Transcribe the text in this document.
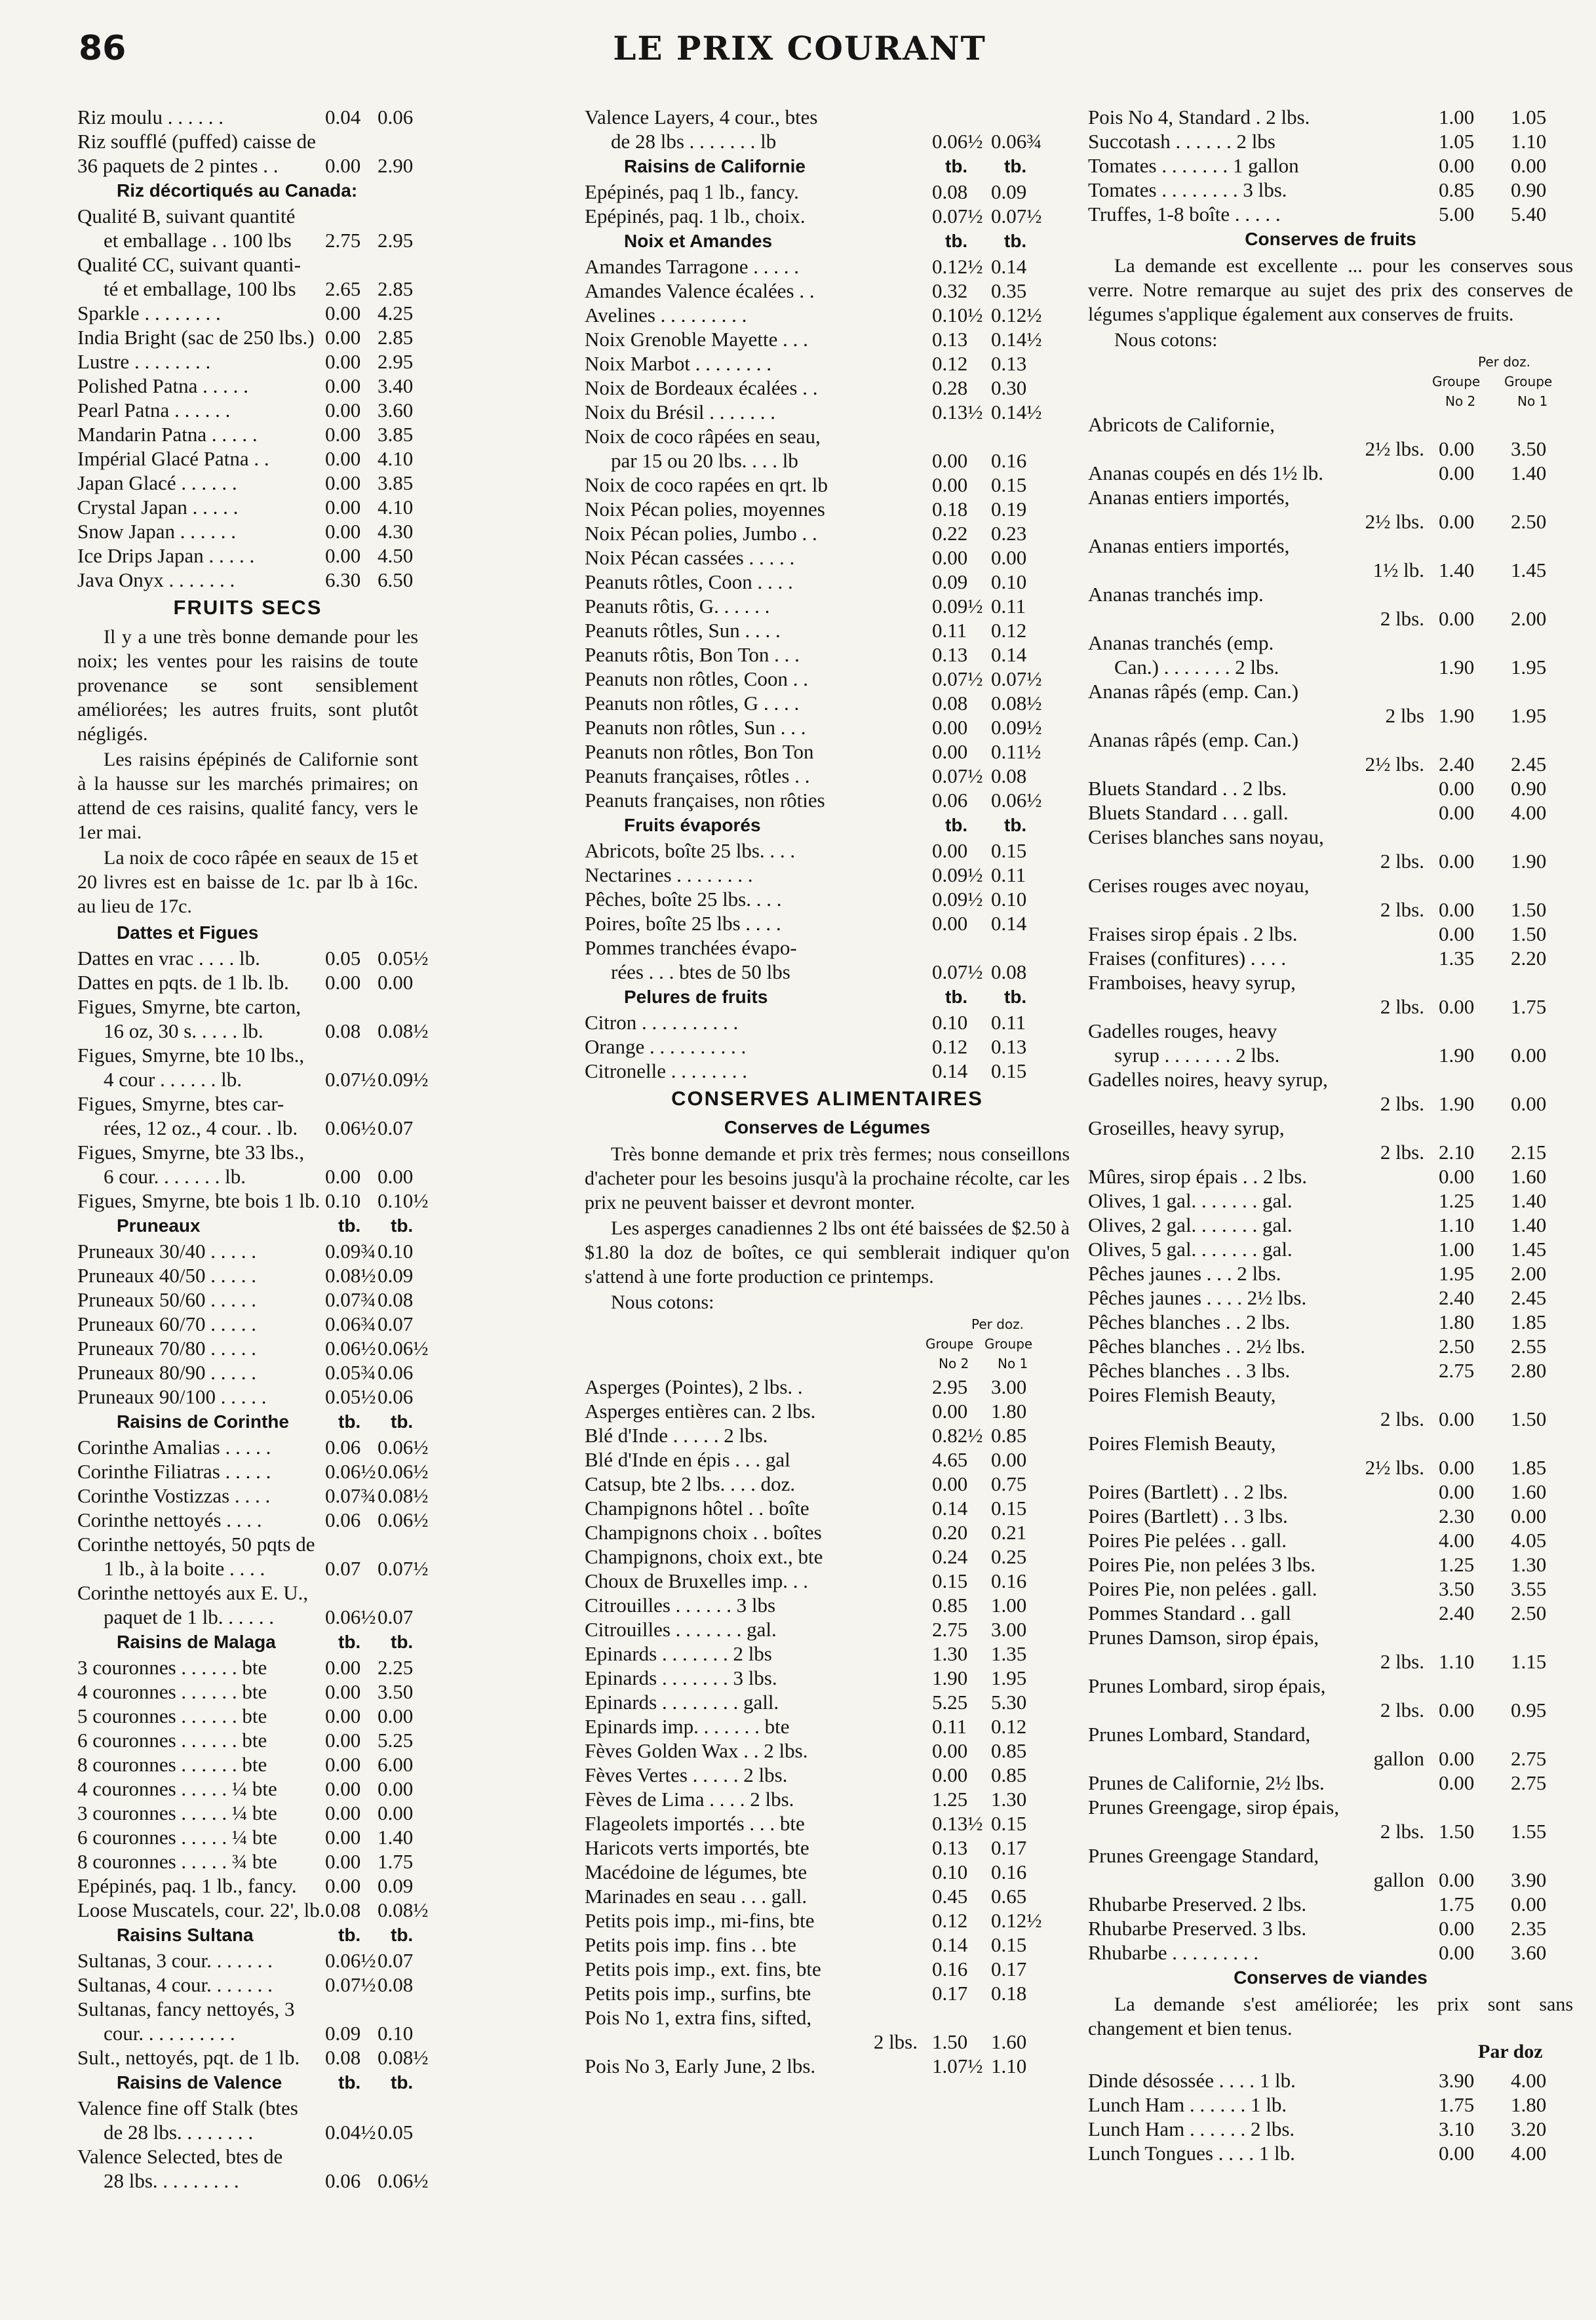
86	LE PRIX COURANT
Riz moulu . . . . . .	0.04 0.06
Riz soufflé (puffed) caisse de
36 paquets de 2 pintes . . 0.00 2.90
Riz décortiqués au Canada:
Qualité B, suivant quantité
et emballage . . 100 lbs 2.75 2.95
Qualité CC, suivant quanti-
té et emballage, 100 lbs 2.65 2.85
Sparkle . . . . . . . .	0.00 4.25
India Bright (sac de 250 lbs.) 0.00 2.85
Lustre . . . . . . . .	0.00 2.95
Polished Patna . . . . .	0.00 3.40
Pearl Patna . . . . . .	0.00 3.60
Mandarin Patna . . . . .	0.00 3.85
Impérial Glacé Patna . .	0.00 4.10
Japan Glacé . . . . . .	0.00 3.85
Crystal Japan . . . . .	0.00 4.10
Snow Japan . . . . . .	0.00 4.30
Ice Drips Japan . . . . .	0.00 4.50
Java Onyx . . . . . . .	6.30 6.50
FRUITS SECS
Il y a une très bonne demande pour les noix; les ventes pour les raisins de toute provenance se sont sensiblement améliorées; les autres fruits, sont plutôt négligés.
Les raisins épépinés de Californie sont à la hausse sur les marchés primaires; on attend de ces raisins, qualité fancy, vers le 1er mai.
La noix de coco râpée en seaux de 15 et 20 livres est en baisse de 1c. par lb à 16c. au lieu de 17c.
Dattes et Figues
Dattes en vrac . . . . lb.	0.05 0.05½
Dattes en pqts. de 1 lb. lb. 0.00 0.00
Figues, Smyrne, bte carton,
16 oz, 30 s. . . . . lb.	0.08 0.08½
Figues, Smyrne, bte 10 lbs.,
4 cour . . . . . . lb.	0.07½ 0.09½
Figues, Smyrne, btes car-
rées, 12 oz., 4 cour. . lb. 0.06½ 0.07
Figues, Smyrne, bte 33 lbs.,
6 cour. . . . . . . lb.	0.00 0.00
Figues, Smyrne, bte bois 1 lb. 0.10 0.10½
Pruneaux	tb. tb.
Pruneaux 30/40 . . . . .	0.09¾ 0.10
Pruneaux 40/50 . . . . .	0.08½ 0.09
Pruneaux 50/60 . . . . .	0.07¾ 0.08
Pruneaux 60/70 . . . . .	0.06¾ 0.07
Pruneaux 70/80 . . . . .	0.06½ 0.06½
Pruneaux 80/90 . . . . .	0.05¾ 0.06
Pruneaux 90/100 . . . . .	0.05½ 0.06
Raisins de Corinthe	tb. tb.
Corinthe Amalias . . . . .	0.06 0.06½
Corinthe Filiatras . . . . .	0.06½ 0.06½
Corinthe Vostizzas . . . .	0.07¾ 0.08½
Corinthe nettoyés . . . .	0.06 0.06½
Corinthe nettoyés, 50 pqts de
1 lb., à la boite . . . .	0.07 0.07½
Corinthe nettoyés aux E. U.,
paquet de 1 lb. . . . . .	0.06½ 0.07
Raisins de Malaga	tb. tb.
3 couronnes . . . . . . bte	0.00 2.25
4 couronnes . . . . . . bte	0.00 3.50
5 couronnes . . . . . . bte	0.00 0.00
6 couronnes . . . . . . bte	0.00 5.25
8 couronnes . . . . . . bte	0.00 6.00
4 couronnes . . . . . ¼ bte 0.00 0.00
3 couronnes . . . . . ¼ bte 0.00 0.00
6 couronnes . . . . . ¼ bte 0.00 1.40
8 couronnes . . . . . ¾ bte 0.00 1.75
Epépinés, paq. 1 lb., fancy. 0.00 0.09
Loose Muscatels, cour. 22', lb. 0.08 0.08½
Raisins Sultana	tb. tb.
Sultanas, 3 cour. . . . . . .	0.06½ 0.07
Sultanas, 4 cour. . . . . . .	0.07½ 0.08
Sultanas, fancy nettoyés, 3
cour. . . . . . . . . .	0.09 0.10
Sult., nettoyés, pqt. de 1 lb. 0.08 0.08½
Raisins de Valence	tb. tb.
Valence fine off Stalk (btes
de 28 lbs. . . . . . . .	0.04½ 0.05
Valence Selected, btes de
28 lbs. . . . . . . . .	0.06 0.06½
Valence Layers, 4 cour., btes
de 28 lbs . . . . . . . lb	0.06½ 0.06¾
Raisins de Californie	tb. tb.
Epépinés, paq 1 lb., fancy.	0.08 0.09
Epépinés, paq. 1 lb., choix.	0.07½ 0.07½
Noix et Amandes	tb. tb.
Amandes Tarragone . . . . .	0.12½ 0.14
Amandes Valence écalées . .	0.32 0.35
Avelines . . . . . . . . .	0.10½ 0.12½
Noix Grenoble Mayette . . .	0.13 0.14½
Noix Marbot . . . . . . . .	0.12 0.13
Noix de Bordeaux écalées . .	0.28 0.30
Noix du Brésil . . . . . . .	0.13½ 0.14½
Noix de coco râpées en seau,
par 15 ou 20 lbs. . . . lb	0.00 0.16
Noix de coco rapées en qrt. lb	0.00 0.15
Noix Pécan polies, moyennes	0.18 0.19
Noix Pécan polies, Jumbo . .	0.22 0.23
Noix Pécan cassées . . . . .	0.00 0.00
Peanuts rôtles, Coon . . . .	0.09 0.10
Peanuts rôtis, G. . . . . .	0.09½ 0.11
Peanuts rôtles, Sun . . . .	0.11 0.12
Peanuts rôtis, Bon Ton . . .	0.13 0.14
Peanuts non rôtles, Coon . .	0.07½ 0.07½
Peanuts non rôtles, G . . . .	0.08 0.08½
Peanuts non rôtles, Sun . . .	0.00 0.09½
Peanuts non rôtles, Bon Ton	0.00 0.11½
Peanuts françaises, rôtles . .	0.07½ 0.08
Peanuts françaises, non rôties	0.06 0.06½
Fruits évaporés	tb. tb.
Abricots, boîte 25 lbs. . . .	0.00 0.15
Nectarines . . . . . . . .	0.09½ 0.11
Pêches, boîte 25 lbs. . . .	0.09½ 0.10
Poires, boîte 25 lbs . . . .	0.00 0.14
Pommes tranchées évapo-
rées . . . btes de 50 lbs	0.07½ 0.08
Pelures de fruits	tb. tb.
Citron . . . . . . . . . .	0.10 0.11
Orange . . . . . . . . . .	0.12 0.13
Citronelle . . . . . . . .	0.14 0.15
CONSERVES ALIMENTAIRES
Conserves de Légumes
Très bonne demande et prix très fermes; nous conseillons d'acheter pour les besoins jusqu'à la prochaine récolte, car les prix ne peuvent baisser et devront monter.
Les asperges canadiennes 2 lbs ont été baissées de $2.50 à $1.80 la doz de boîtes, ce qui semblerait indiquer qu'on s'attend à une forte production ce printemps.
Nous cotons:
Per doz.
Groupe Groupe
No 2 No 1
Asperges (Pointes), 2 lbs. .	2.95 3.00
Asperges entières can. 2 lbs.	0.00 1.80
Blé d'Inde . . . . . 2 lbs.	0.82½ 0.85
Blé d'Inde en épis . . . gal	4.65 0.00
Catsup, bte 2 lbs. . . . doz.	0.00 0.75
Champignons hôtel . . boîte	0.14 0.15
Champignons choix . . boîtes	0.20 0.21
Champignons, choix ext., bte	0.24 0.25
Choux de Bruxelles imp. . .	0.15 0.16
Citrouilles . . . . . . 3 lbs	0.85 1.00
Citrouilles . . . . . . . gal.	2.75 3.00
Epinards . . . . . . . 2 lbs	1.30 1.35
Epinards . . . . . . . 3 lbs.	1.90 1.95
Epinards . . . . . . . . gall.	5.25 5.30
Epinards imp. . . . . . . bte	0.11 0.12
Fèves Golden Wax . . 2 lbs.	0.00 0.85
Fèves Vertes . . . . . 2 lbs.	0.00 0.85
Fèves de Lima . . . . 2 lbs.	1.25 1.30
Flageolets importés . . . bte	0.13½ 0.15
Haricots verts importés, bte	0.13 0.17
Macédoine de légumes, bte	0.10 0.16
Marinades en seau . . . gall.	0.45 0.65
Petits pois imp., mi-fins, bte	0.12 0.12½
Petits pois imp. fins . . bte	0.14 0.15
Petits pois imp., ext. fins, bte	0.16 0.17
Petits pois imp., surfins, bte	0.17 0.18
Pois No 1, extra fins, sifted,
2 lbs. 1.50 1.60
Pois No 3, Early June, 2 lbs.	1.07½ 1.10
Pois No 4, Standard . 2 lbs.	1.00 1.05
Succotash . . . . . . 2 lbs	1.05 1.10
Tomates . . . . . . . 1 gallon	0.00 0.00
Tomates . . . . . . . . 3 lbs.	0.85 0.90
Truffes, 1-8 boîte . . . . .	5.00 5.40
Conserves de fruits
La demande est excellente ... pour les conserves sous verre. Notre remarque au sujet des prix des conserves de légumes s'applique également aux conserves de fruits.
Nous cotons:
Per doz.
Groupe Groupe
No 2	No 1
Abricots de Californie,
2½ lbs. 0.00 3.50
Ananas coupés en dés 1½ lb.	0.00 1.40
Ananas entiers importés,
2½ lbs. 0.00 2.50
Ananas entiers importés,
1½ lb. 1.40 1.45
Ananas tranchés imp.
2 lbs. 0.00 2.00
Ananas tranchés (emp.
Can.) . . . . . . . 2 lbs.	1.90 1.95
Ananas râpés (emp. Can.)
2 lbs 1.90 1.95
Ananas râpés (emp. Can.)
2½ lbs. 2.40 2.45
Bluets Standard . . 2 lbs.	0.00 0.90
Bluets Standard . . . gall.	0.00 4.00
Cerises blanches sans noyau,
2 lbs. 0.00 1.90
Cerises rouges avec noyau,
2 lbs. 0.00 1.50
Fraises sirop épais . 2 lbs.	0.00 1.50
Fraises (confitures) . . . .	1.35 2.20
Framboises, heavy syrup,
2 lbs. 0.00 1.75
Gadelles rouges, heavy
syrup . . . . . . . 2 lbs.	1.90 0.00
Gadelles noires, heavy syrup,
2 lbs. 1.90 0.00
Groseilles, heavy syrup,
2 lbs. 2.10 2.15
Mûres, sirop épais . . 2 lbs.	0.00 1.60
Olives, 1 gal. . . . . . . gal.	1.25 1.40
Olives, 2 gal. . . . . . . gal.	1.10 1.40
Olives, 5 gal. . . . . . . gal.	1.00 1.45
Pêches jaunes . . . 2 lbs.	1.95 2.00
Pêches jaunes . . . . 2½ lbs.	2.40 2.45
Pêches blanches . . 2 lbs.	1.80 1.85
Pêches blanches . . 2½ lbs.	2.50 2.55
Pêches blanches . . 3 lbs.	2.75 2.80
Poires Flemish Beauty,
2 lbs. 0.00 1.50
Poires Flemish Beauty,
2½ lbs. 0.00 1.85
Poires (Bartlett) . . 2 lbs.	0.00 1.60
Poires (Bartlett) . . 3 lbs.	2.30 0.00
Poires Pie pelées . . gall.	4.00 4.05
Poires Pie, non pelées 3 lbs.	1.25 1.30
Poires Pie, non pelées . gall.	3.50 3.55
Pommes Standard . . gall	2.40 2.50
Prunes Damson, sirop épais,
2 lbs. 1.10 1.15
Prunes Lombard, sirop épais,
2 lbs. 0.00 0.95
Prunes Lombard, Standard,
gallon 0.00 2.75
Prunes de Californie, 2½ lbs.	0.00 2.75
Prunes Greengage, sirop épais,
2 lbs. 1.50 1.55
Prunes Greengage Standard,
gallon 0.00 3.90
Rhubarbe Preserved. 2 lbs.	1.75 0.00
Rhubarbe Preserved. 3 lbs.	0.00 2.35
Rhubarbe . . . . . . . . .	0.00 3.60
Conserves de viandes
La demande s'est améliorée; les prix sont sans changement et bien tenus.
Par doz
Dinde désossée . . . . 1 lb.	3.90 4.00
Lunch Ham . . . . . . 1 lb.	1.75 1.80
Lunch Ham . . . . . . 2 lbs.	3.10 3.20
Lunch Tongues . . . . 1 lb.	0.00 4.00
